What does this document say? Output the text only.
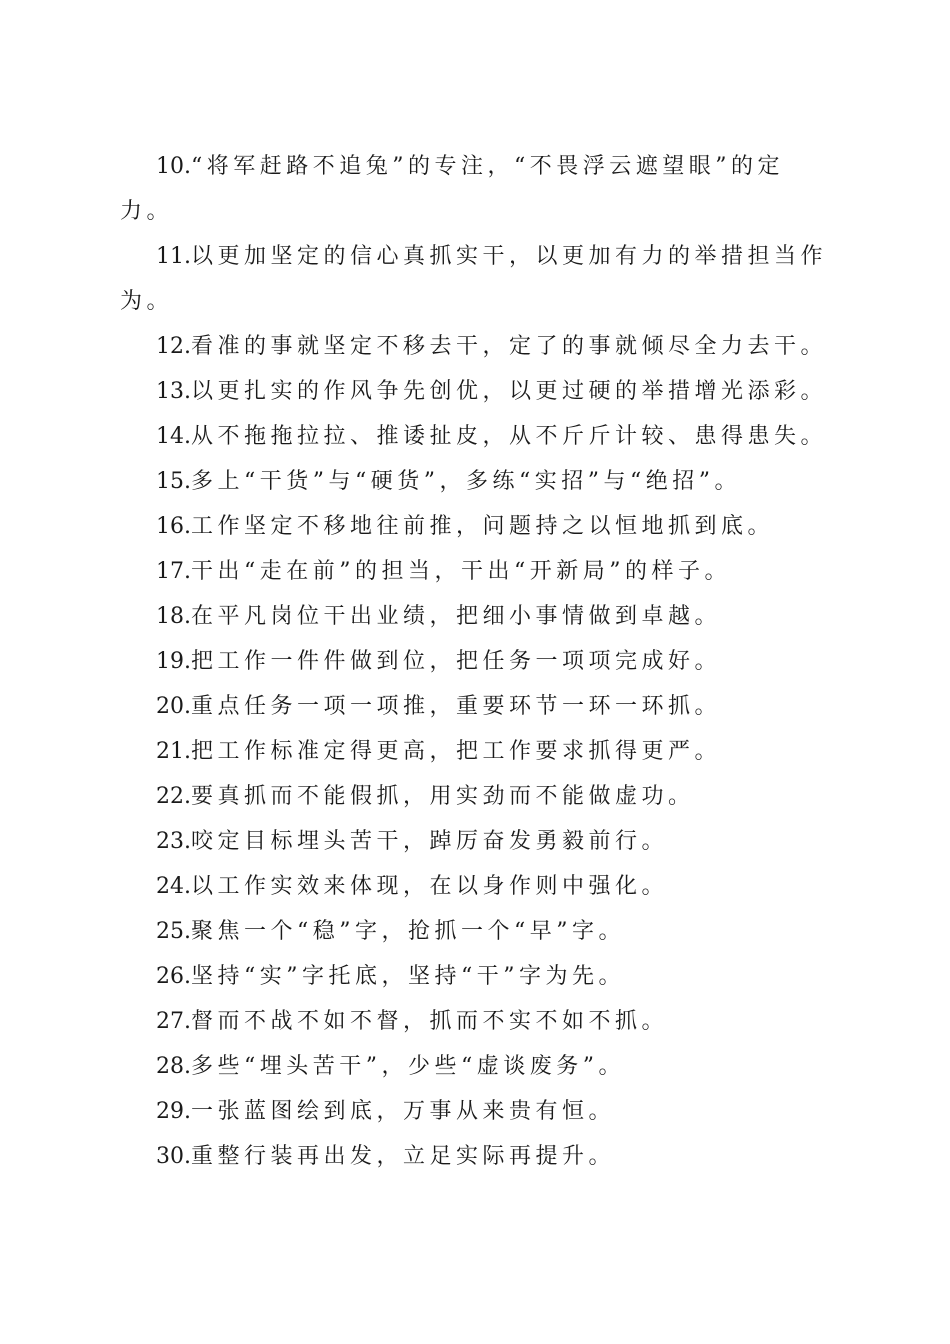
10.“将军赶路不追兔”的专注，“不畏浮云遮望眼”的定力。

11.以更加坚定的信心真抓实干，以更加有力的举措担当作为。

12.看准的事就坚定不移去干，定了的事就倾尽全力去干。

13.以更扎实的作风争先创优，以更过硬的举措增光添彩。

14.从不拖拖拉拉、推诿扯皮，从不斤斤计较、患得患失。

15.多上“干货”与“硬货”，多练“实招”与“绝招”。

16.工作坚定不移地往前推，问题持之以恒地抓到底。

17.干出“走在前”的担当，干出“开新局”的样子。

18.在平凡岗位干出业绩，把细小事情做到卓越。

19.把工作一件件做到位，把任务一项项完成好。

20.重点任务一项一项推，重要环节一环一环抓。

21.把工作标准定得更高，把工作要求抓得更严。

22.要真抓而不能假抓，用实劲而不能做虚功。

23.咬定目标埋头苦干，踔厉奋发勇毅前行。

24.以工作实效来体现，在以身作则中强化。

25.聚焦一个“稳”字，抢抓一个“早”字。

26.坚持“实”字托底，坚持“干”字为先。

27.督而不战不如不督，抓而不实不如不抓。

28.多些“埋头苦干”，少些“虚谈废务”。

29.一张蓝图绘到底，万事从来贵有恒。

30.重整行装再出发，立足实际再提升。
